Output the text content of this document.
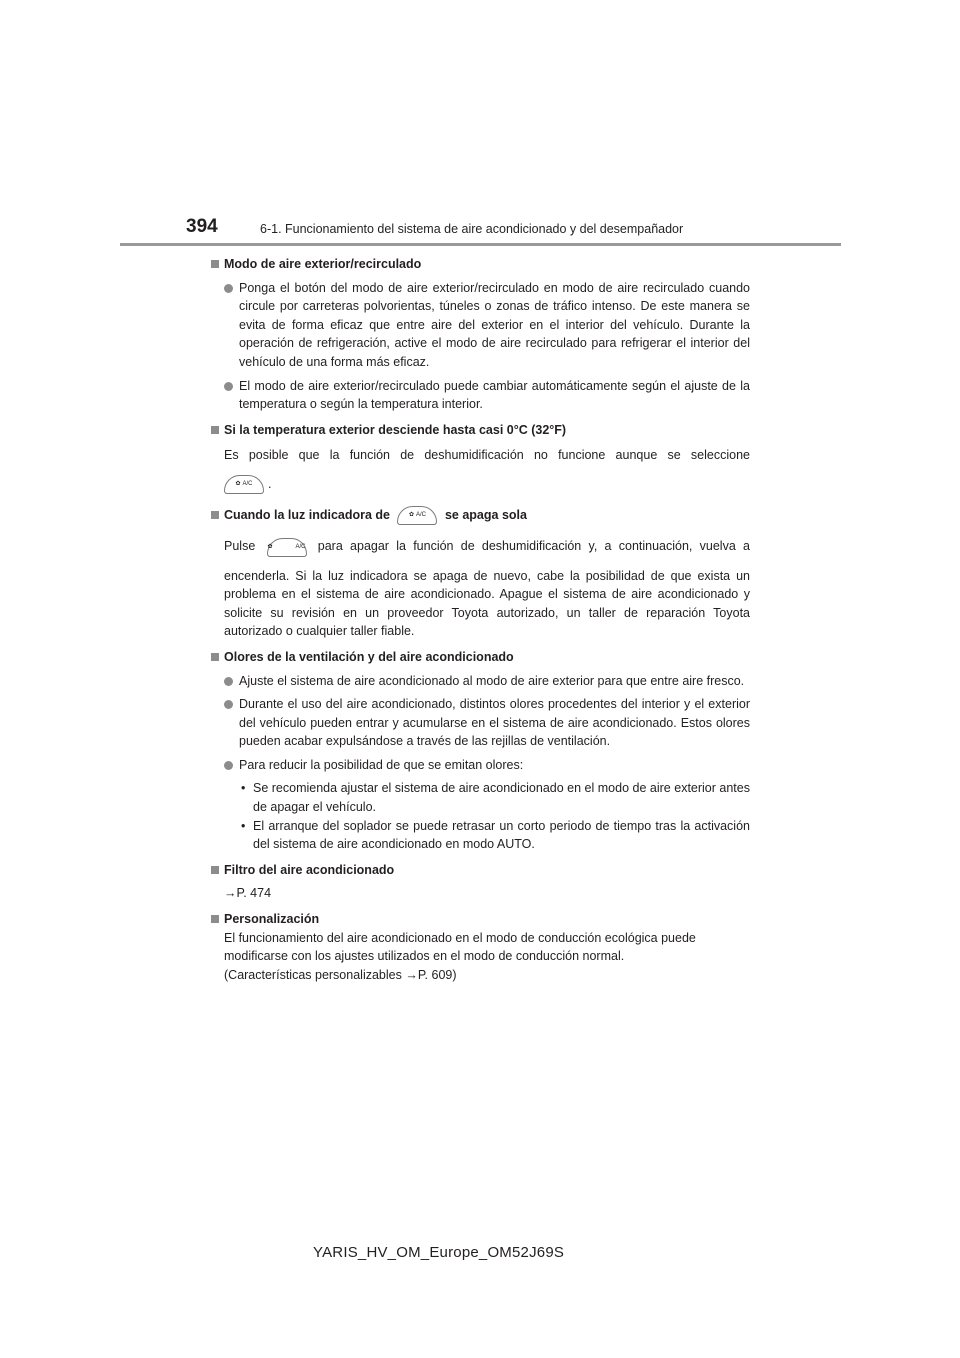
394	6-1. Funcionamiento del sistema de aire acondicionado y del desempañador

Modo de aire exterior/recirculado

Ponga el botón del modo de aire exterior/recirculado en modo de aire recirculado cuando circule por carreteras polvorientas, túneles o zonas de tráfico intenso. De este manera se evita de forma eficaz que entre aire del exterior en el interior del vehículo. Durante la operación de refrigeración, active el modo de aire recirculado para refrigerar el interior del vehículo de una forma más eficaz.

El modo de aire exterior/recirculado puede cambiar automáticamente según el ajuste de la temperatura o según la temperatura interior.

Si la temperatura exterior desciende hasta casi 0°C (32°F)

Es posible que la función de deshumidificación no funcione aunque se seleccione

✿ A/C .

Cuando la luz indicadora de	✿ A/C se apaga sola

Pulse ✿ A/C para apagar la función de deshumidificación y, a continuación, vuelva a

encenderla. Si la luz indicadora se apaga de nuevo, cabe la posibilidad de que exista un problema en el sistema de aire acondicionado. Apague el sistema de aire acondicionado y solicite su revisión en un proveedor Toyota autorizado, un taller de reparación Toyota autorizado o cualquier taller fiable.

Olores de la ventilación y del aire acondicionado

Ajuste el sistema de aire acondicionado al modo de aire exterior para que entre aire fresco.

Durante el uso del aire acondicionado, distintos olores procedentes del interior y el exterior del vehículo pueden entrar y acumularse en el sistema de aire acondicionado. Estos olores pueden acabar expulsándose a través de las rejillas de ventilación.

Para reducir la posibilidad de que se emitan olores:

• Se recomienda ajustar el sistema de aire acondicionado en el modo de aire exterior antes de apagar el vehículo.

• El arranque del soplador se puede retrasar un corto periodo de tiempo tras la activación del sistema de aire acondicionado en modo AUTO.

Filtro del aire acondicionado

→P. 474

Personalización

El funcionamiento del aire acondicionado en el modo de conducción ecológica puede

modificarse con los ajustes utilizados en el modo de conducción normal.

(Características personalizables →P. 609)

YARIS_HV_OM_Europe_OM52J69S
